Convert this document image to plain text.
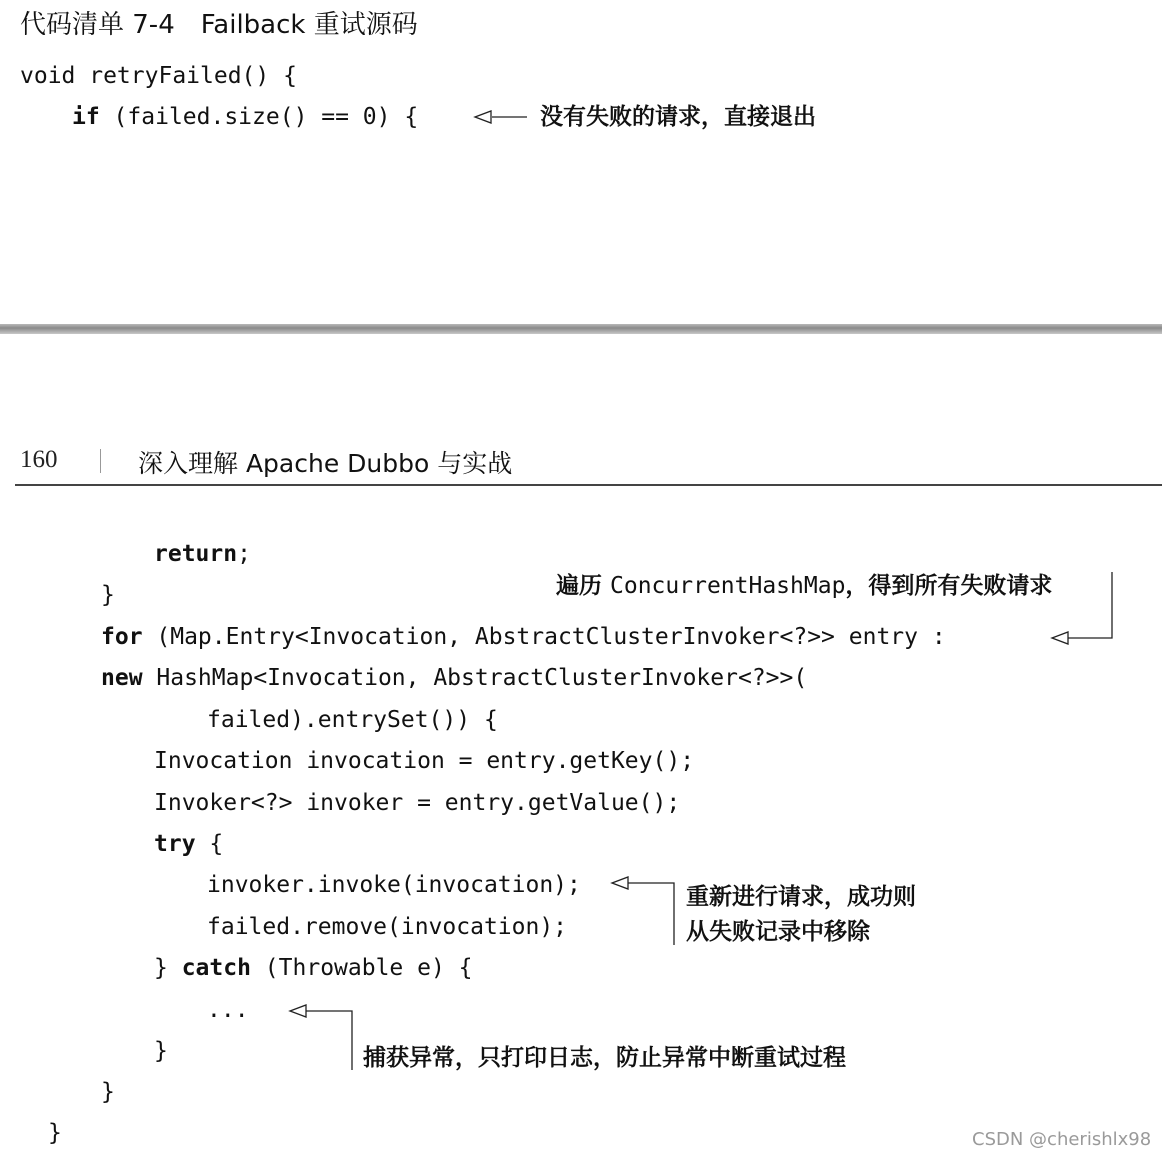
代码清单 7-4　Failback 重试源码
void retryFailed() {
if (failed.size() == 0) {	没有失败的请求，直接退出
160	深入理解 Apache Dubbo 与实战
return;
}
for (Map.Entry<Invocation, AbstractClusterInvoker<?>> entry :
new HashMap<Invocation, AbstractClusterInvoker<?>>(
failed).entrySet()) {
Invocation invocation = entry.getKey();
Invoker<?> invoker = entry.getValue();
try {
invoker.invoke(invocation);
failed.remove(invocation);
} catch (Throwable e) {
...
}
}
}
遍历 ConcurrentHashMap，得到所有失败请求
重新进行请求，成功则
从失败记录中移除
捕获异常，只打印日志，防止异常中断重试过程
CSDN @cherishlx98
